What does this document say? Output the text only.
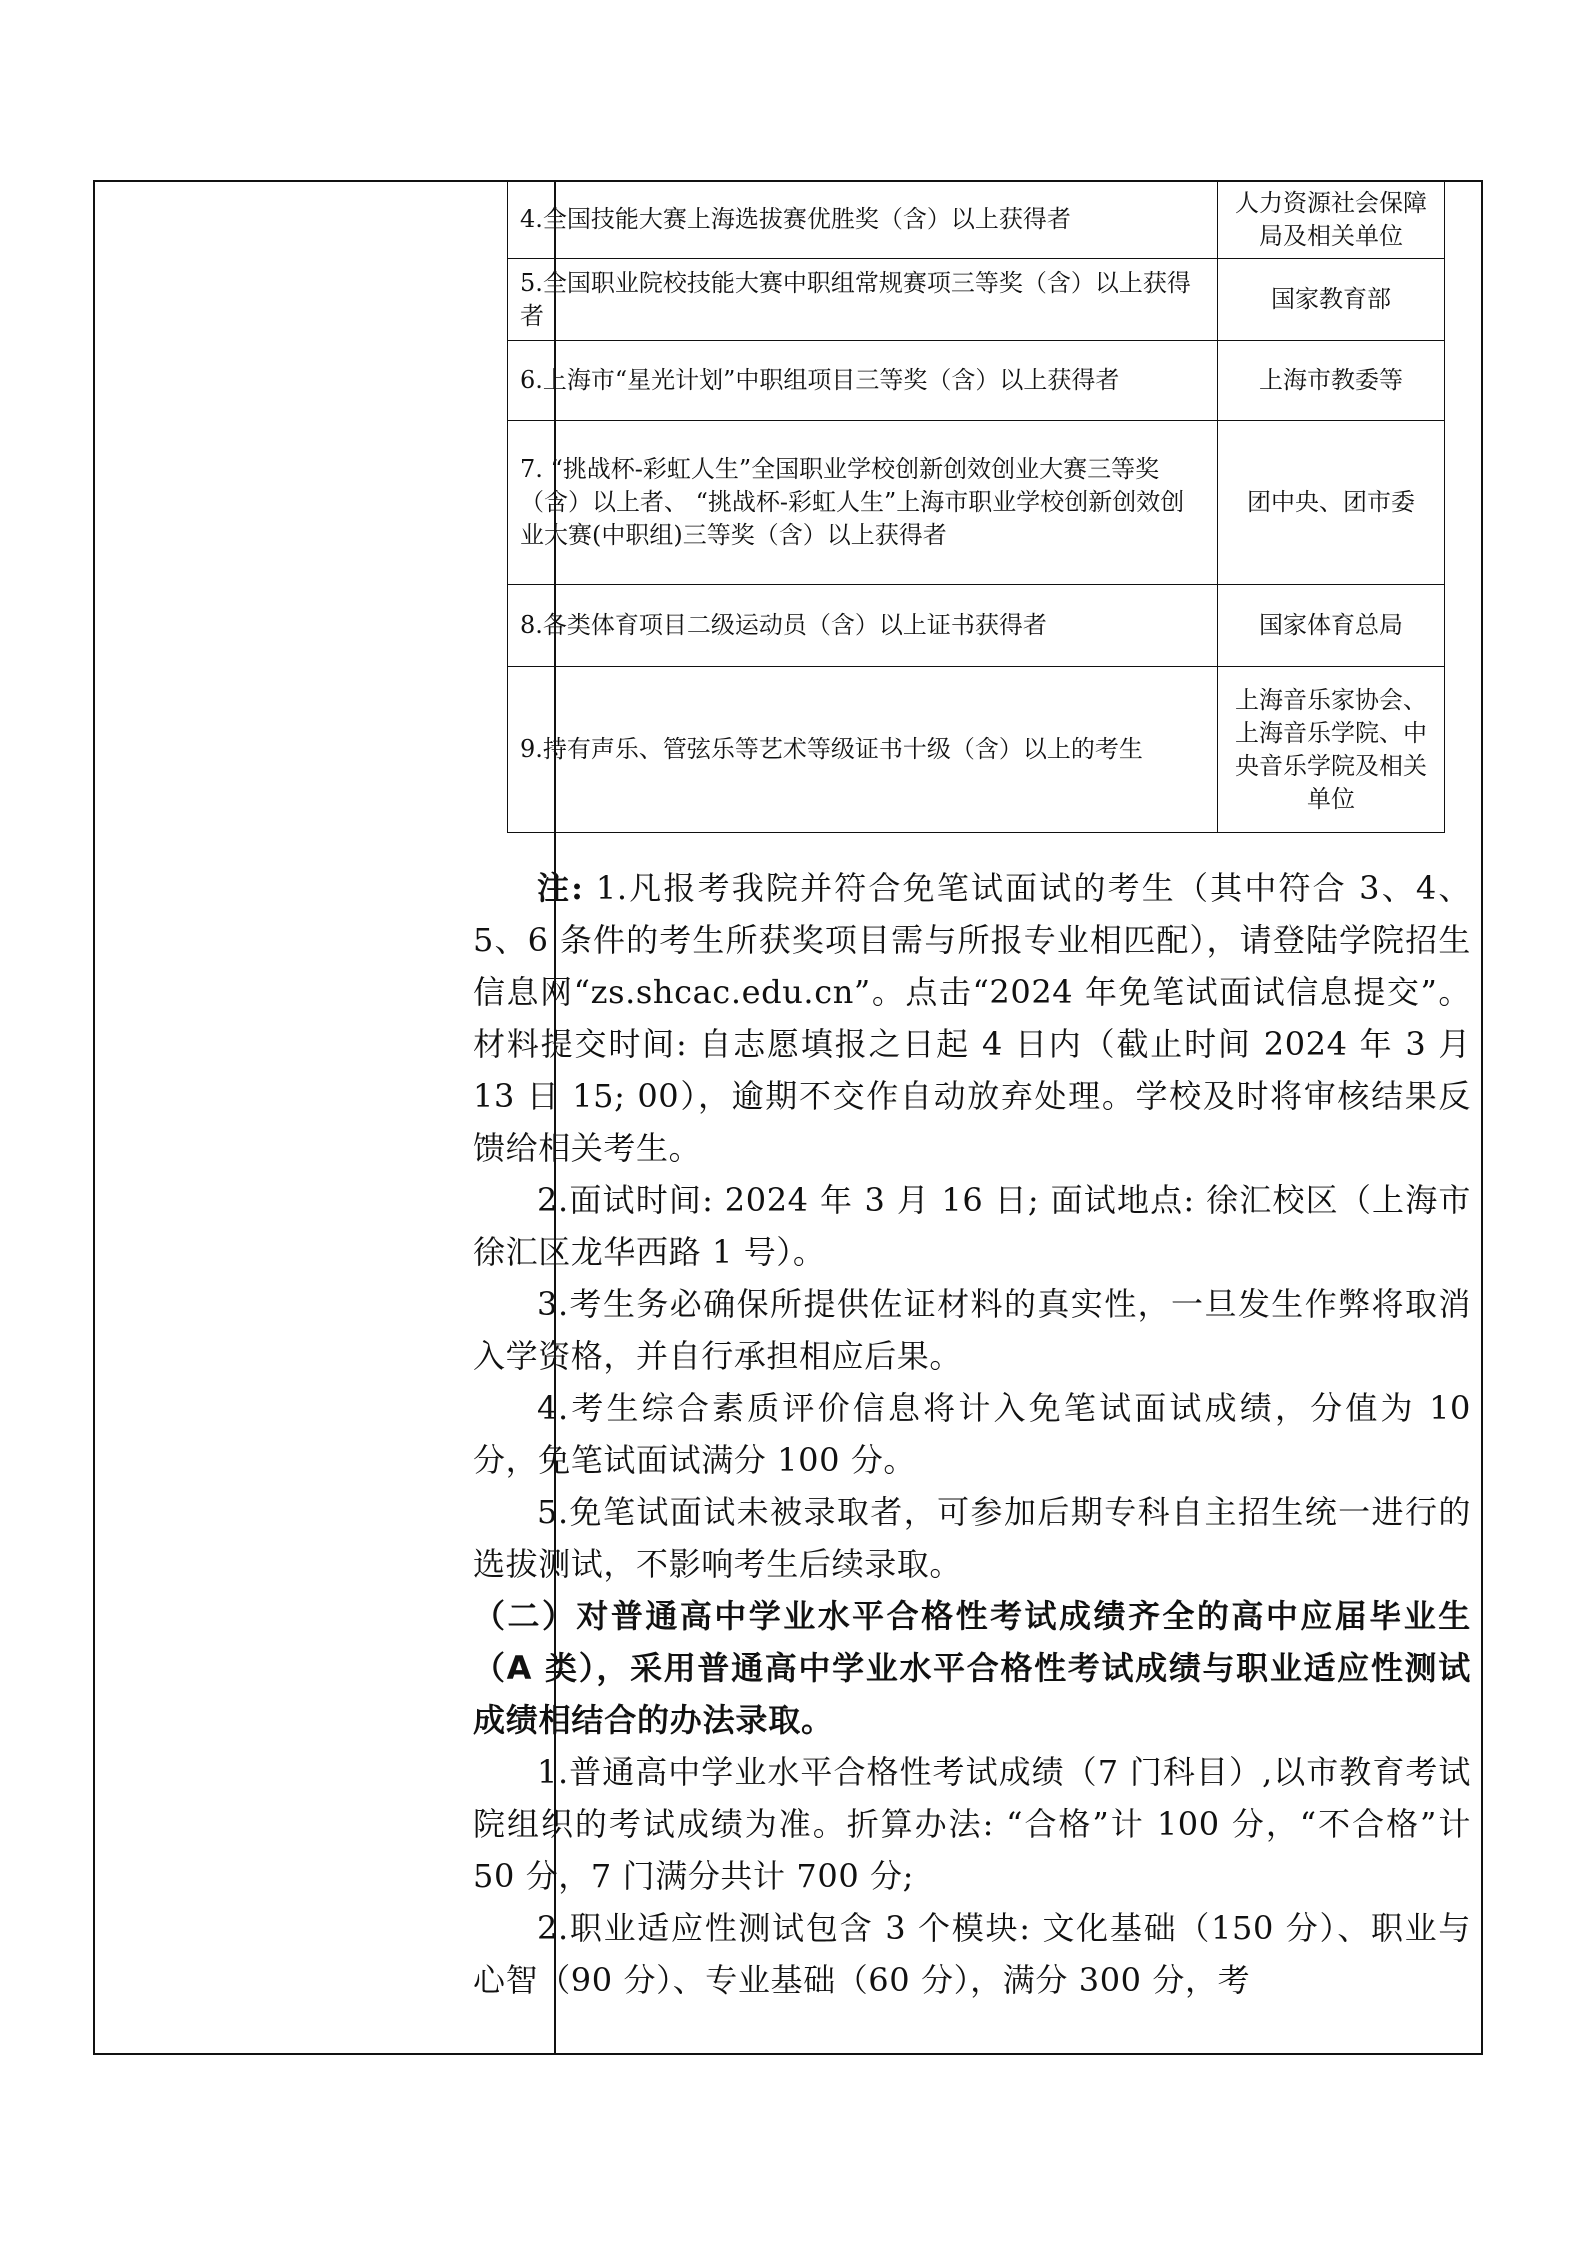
4.全国技能大赛上海选拔赛优胜奖（含）以上获得者	人力资源社会保障局及相关单位
5.全国职业院校技能大赛中职组常规赛项三等奖（含）以上获得者	国家教育部
6.上海市“星光计划”中职组项目三等奖（含）以上获得者	上海市教委等
7. “挑战杯-彩虹人生”全国职业学校创新创效创业大赛三等奖（含）以上者、 “挑战杯-彩虹人生”上海市职业学校创新创效创业大赛(中职组)三等奖（含）以上获得者	团中央、团市委
8.各类体育项目二级运动员（含）以上证书获得者	国家体育总局
9.持有声乐、管弦乐等艺术等级证书十级（含）以上的考生	上海音乐家协会、上海音乐学院、中央音乐学院及相关单位

注: 1.凡报考我院并符合免笔试面试的考生（其中符合 3、4、5、6 条件的考生所获奖项目需与所报专业相匹配），请登陆学院招生信息网“zs.shcac.edu.cn”。点击“2024 年免笔试面试信息提交”。材料提交时间: 自志愿填报之日起 4 日内（截止时间 2024 年 3 月 13 日 15; 00），逾期不交作自动放弃处理。学校及时将审核结果反馈给相关考生。

2.面试时间: 2024 年 3 月 16 日; 面试地点: 徐汇校区（上海市徐汇区龙华西路 1 号）。

3.考生务必确保所提供佐证材料的真实性，一旦发生作弊将取消入学资格，并自行承担相应后果。

4.考生综合素质评价信息将计入免笔试面试成绩，分值为 10 分，免笔试面试满分 100 分。

5.免笔试面试未被录取者，可参加后期专科自主招生统一进行的选拔测试，不影响考生后续录取。

（二）对普通高中学业水平合格性考试成绩齐全的高中应届毕业生（A 类），采用普通高中学业水平合格性考试成绩与职业适应性测试成绩相结合的办法录取。

1.普通高中学业水平合格性考试成绩（7 门科目）,以市教育考试院组织的考试成绩为准。折算办法: “合格”计 100 分，“不合格”计 50 分，7 门满分共计 700 分;

2.职业适应性测试包含 3 个模块: 文化基础（150 分）、职业与心智（90 分）、专业基础（60 分），满分 300 分，考
